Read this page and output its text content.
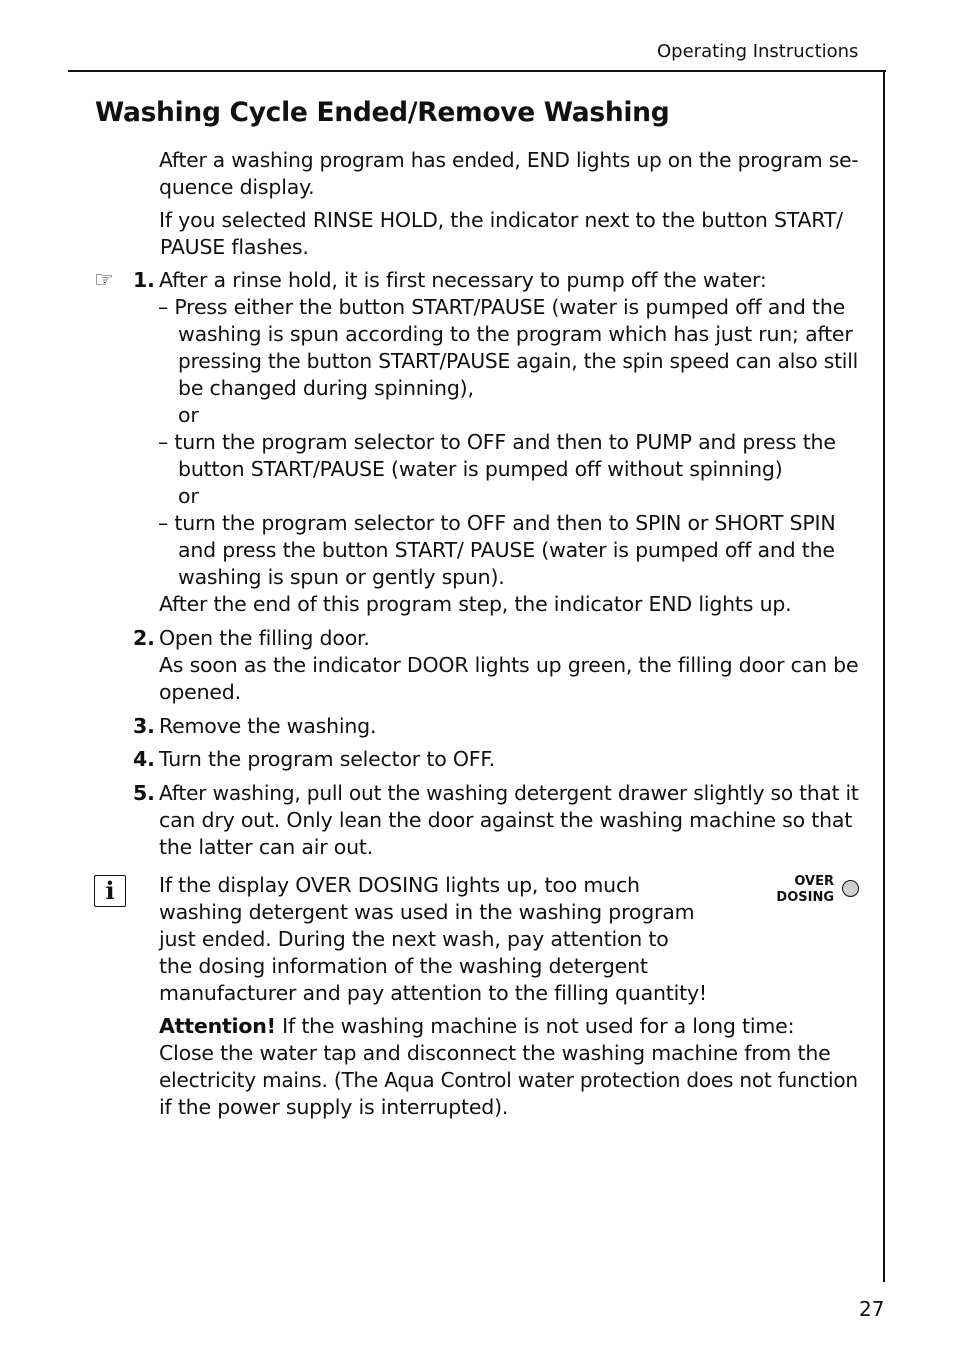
Operating Instructions
Washing Cycle Ended/Remove Washing
After a washing program has ended, END lights up on the program se-
quence display.
If you selected RINSE HOLD, the indicator next to the button START/
PAUSE flashes.
☞ 1. After a rinse hold, it is first necessary to pump off the water:
– Press either the button START/PAUSE (water is pumped off and the
washing is spun according to the program which has just run; after
pressing the button START/PAUSE again, the spin speed can also still
be changed during spinning),
or
– turn the program selector to OFF and then to PUMP and press the
button START/PAUSE (water is pumped off without spinning)
or
– turn the program selector to OFF and then to SPIN or SHORT SPIN
and press the button START/ PAUSE (water is pumped off and the
washing is spun or gently spun).
After the end of this program step, the indicator END lights up.
2. Open the filling door.
As soon as the indicator DOOR lights up green, the filling door can be
opened.
3. Remove the washing.
4. Turn the program selector to OFF.
5. After washing, pull out the washing detergent drawer slightly so that it
can dry out. Only lean the door against the washing machine so that
the latter can air out.
i	If the display OVER DOSING lights up, too much
washing detergent was used in the washing program
just ended. During the next wash, pay attention to
the dosing information of the washing detergent
manufacturer and pay attention to the filling quantity!
OVER
DOSING
Attention! If the washing machine is not used for a long time:
Close the water tap and disconnect the washing machine from the
electricity mains. (The Aqua Control water protection does not function
if the power supply is interrupted).
27
